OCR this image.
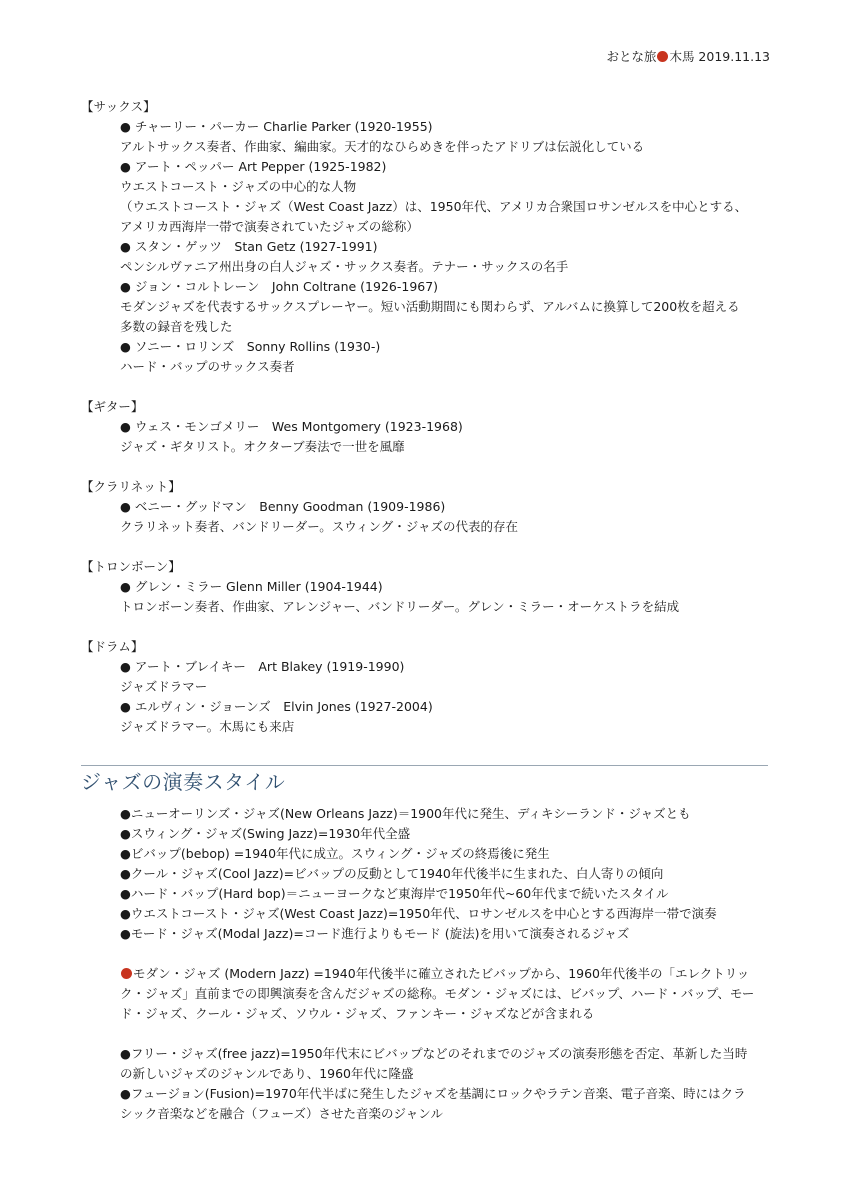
おとな旅 木馬 2019.11.13
【サックス】
● チャーリー・パーカー Charlie Parker (1920-1955)
アルトサックス奏者、作曲家、編曲家。天才的なひらめきを伴ったアドリブは伝説化している
● アート・ペッパー Art Pepper (1925-1982)
ウエストコースト・ジャズの中心的な人物
（ウエストコースト・ジャズ（West Coast Jazz）は、1950年代、アメリカ合衆国ロサンゼルスを中心とする、
アメリカ西海岸一帯で演奏されていたジャズの総称）
● スタン・ゲッツ　Stan Getz (1927-1991)
ペンシルヴァニア州出身の白人ジャズ・サックス奏者。テナー・サックスの名手
● ジョン・コルトレーン　John Coltrane (1926-1967)
モダンジャズを代表するサックスプレーヤー。短い活動期間にも関わらず、アルバムに換算して200枚を超える
多数の録音を残した
● ソニー・ロリンズ　Sonny Rollins (1930-)
ハード・バップのサックス奏者
【ギター】
● ウェス・モンゴメリー　Wes Montgomery (1923-1968)
ジャズ・ギタリスト。オクターブ奏法で一世を風靡
【クラリネット】
● ベニー・グッドマン　Benny Goodman (1909-1986)
クラリネット奏者、バンドリーダー。スウィング・ジャズの代表的存在
【トロンボーン】
● グレン・ミラー Glenn Miller (1904-1944)
トロンボーン奏者、作曲家、アレンジャー、バンドリーダー。グレン・ミラー・オーケストラを結成
【ドラム】
● アート・ブレイキー　Art Blakey (1919-1990)
ジャズドラマー
● エルヴィン・ジョーンズ　Elvin Jones (1927-2004)
ジャズドラマー。木馬にも来店
ジャズの演奏スタイル
●ニューオーリンズ・ジャズ(New Orleans Jazz)＝1900年代に発生、ディキシーランド・ジャズとも
●スウィング・ジャズ(Swing Jazz)=1930年代全盛
●ビバップ(bebop) =1940年代に成立。スウィング・ジャズの終焉後に発生
●クール・ジャズ(Cool Jazz)=ビバップの反動として1940年代後半に生まれた、白人寄りの傾向
●ハード・バップ(Hard bop)＝ニューヨークなど東海岸で1950年代~60年代まで続いたスタイル
●ウエストコースト・ジャズ(West Coast Jazz)=1950年代、ロサンゼルスを中心とする西海岸一帯で演奏
●モード・ジャズ(Modal Jazz)=コード進行よりもモード (旋法)を用いて演奏されるジャズ
モダン・ジャズ (Modern Jazz) =1940年代後半に確立されたビバップから、1960年代後半の「エレクトリッ
ク・ジャズ」直前までの即興演奏を含んだジャズの総称。モダン・ジャズには、ビバップ、ハード・バップ、モー
ド・ジャズ、クール・ジャズ、ソウル・ジャズ、ファンキー・ジャズなどが含まれる
●フリー・ジャズ(free jazz)=1950年代末にビバップなどのそれまでのジャズの演奏形態を否定、革新した当時
の新しいジャズのジャンルであり、1960年代に隆盛
●フュージョン(Fusion)=1970年代半ばに発生したジャズを基調にロックやラテン音楽、電子音楽、時にはクラ
シック音楽などを融合（フューズ）させた音楽のジャンル
